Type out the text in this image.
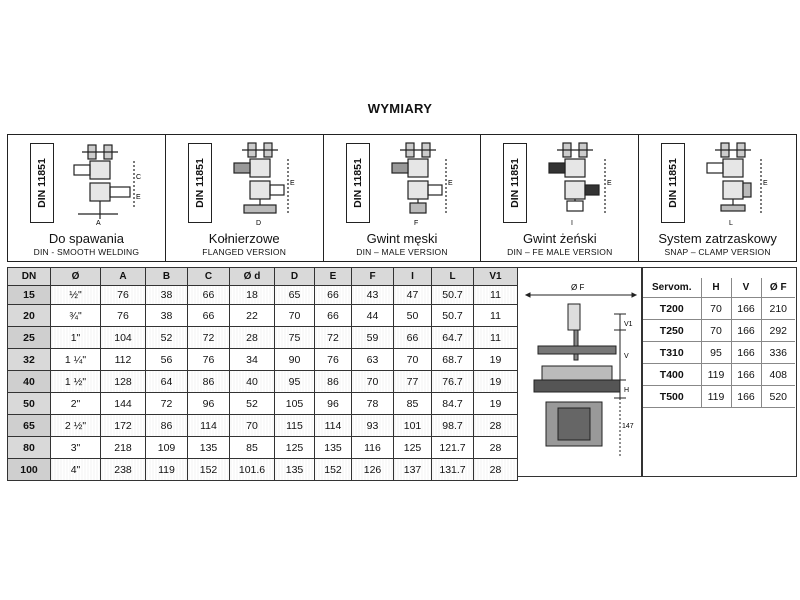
WYMIARY
DIN 11851	C
E
A
Do spawania
DIN - SMOOTH WELDING
DIN 11851	E
D
Kołnierzowe
FLANGED VERSION
DIN 11851	E
F
Gwint męski
DIN – MALE VERSION
DIN 11851	E
I
Gwint żeński
DIN – FE MALE VERSION
DIN 11851	E
L
System zatrzaskowy
SNAP – CLAMP VERSION
DN	Ø	A	B	C	Ø d	D	E	F	I	L	V1
15	½"	76	38	66	18	65	66	43	47	50.7	11
20	¾"	76	38	66	22	70	66	44	50	50.7	11
25	1"	104	52	72	28	75	72	59	66	64.7	11
32	1 ¼"	112	56	76	34	90	76	63	70	68.7	19
40	1 ½"	128	64	86	40	95	86	70	77	76.7	19
50	2"	144	72	96	52	105	96	78	85	84.7	19
65	2 ½"	172	86	114	70	115	114	93	101	98.7	28
80	3"	218	109	135	85	125	135	116	125	121.7	28
100	4"	238	119	152	101.6	135	152	126	137	131.7	28
Ø F
V1
V
H
147
Servom.	H	V	Ø F
T200	70	166	210
T250	70	166	292
T310	95	166	336
T400	119	166	408
T500	119	166	520
